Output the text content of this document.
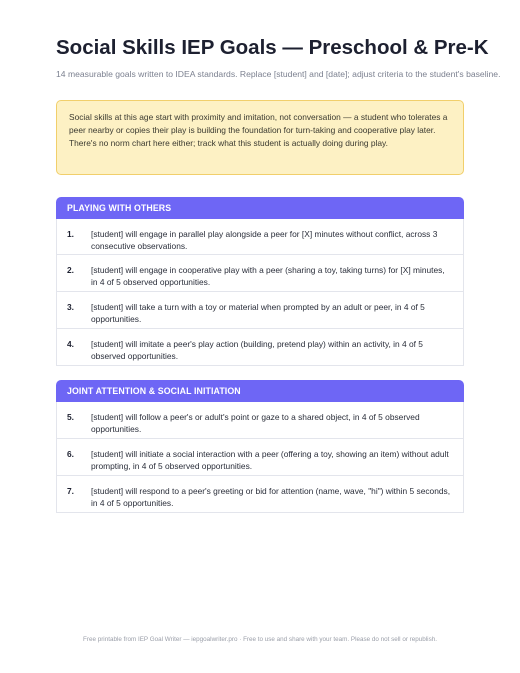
Social Skills IEP Goals — Preschool & Pre-K
14 measurable goals written to IDEA standards. Replace [student] and [date]; adjust criteria to the student's baseline.

Social skills at this age start with proximity and imitation, not conversation — a student who tolerates a peer nearby or copies their play is building the foundation for turn-taking and cooperative play later. There's no norm chart here either; track what this student is actually doing during play.

PLAYING WITH OTHERS
1. [student] will engage in parallel play alongside a peer for [X] minutes without conflict, across 3 consecutive observations.
2. [student] will engage in cooperative play with a peer (sharing a toy, taking turns) for [X] minutes, in 4 of 5 observed opportunities.
3. [student] will take a turn with a toy or material when prompted by an adult or peer, in 4 of 5 opportunities.
4. [student] will imitate a peer's play action (building, pretend play) within an activity, in 4 of 5 observed opportunities.
JOINT ATTENTION & SOCIAL INITIATION
5. [student] will follow a peer's or adult's point or gaze to a shared object, in 4 of 5 observed opportunities.
6. [student] will initiate a social interaction with a peer (offering a toy, showing an item) without adult prompting, in 4 of 5 observed opportunities.
7. [student] will respond to a peer's greeting or bid for attention (name, wave, "hi") within 5 seconds, in 4 of 5 opportunities.
Free printable from IEP Goal Writer — iepgoalwriter.pro · Free to use and share with your team. Please do not sell or republish.
